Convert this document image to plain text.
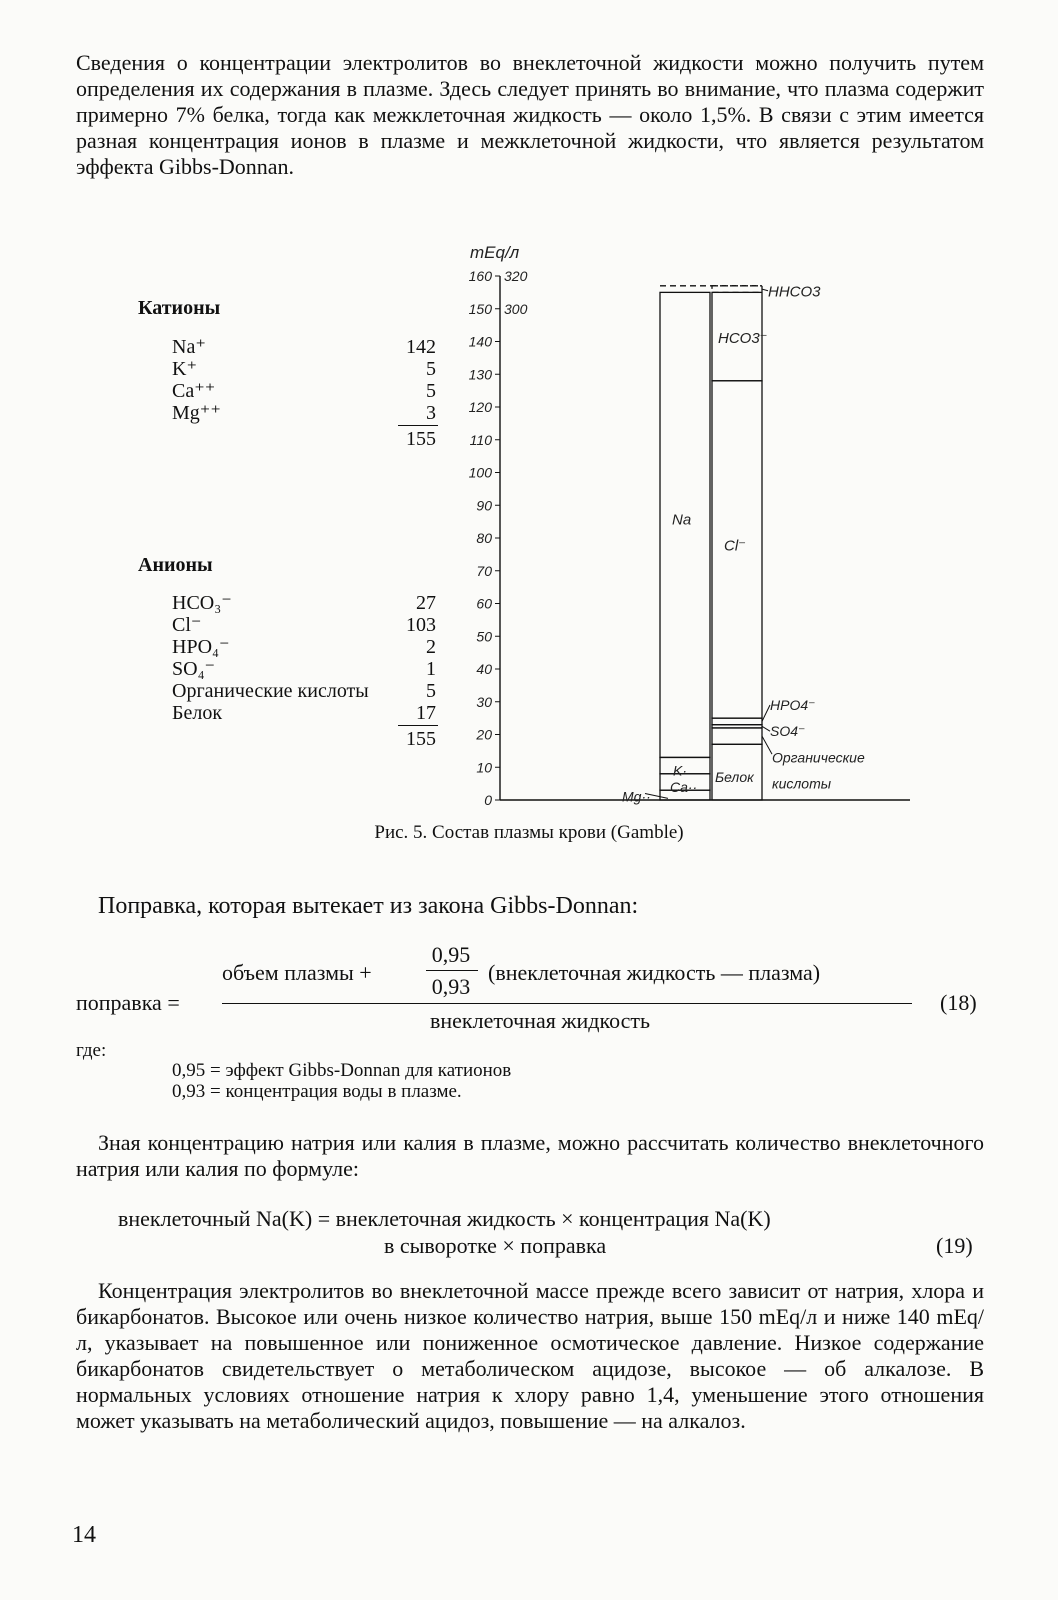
Сведения о концентрации электролитов во внеклеточной жидкости можно получить путем определения их содержания в плазме. Здесь следует принять во внимание, что плазма содержит примерно 7% белка, тогда как межклеточная жидкость — около 1,5%. В связи с этим имеется разная концентрация ионов в плазме и межклеточной жидкости, что является результатом эффекта Gibbs-Donnan.

Катионы
Na⁺	142
K⁺	5
Ca⁺⁺	5
Mg⁺⁺	3
155
Анионы
HCO₃⁻	27
Cl⁻	103
HPO₄⁻	2
SO₄⁻	1
Органические кислоты	5
Белок	17
155
0
10
20
30
40
50
60
70
80
90
100
110
120
130
140
150
160
300
320
mEq/л
HHCO3
HCO3⁻
Na
Cl⁻
HPO4⁻
SO4⁻
Органические
кислоты
K·
Ca··
Mg··
Белок
Рис. 5. Состав плазмы крови (Gamble)
Поправка, которая вытекает из закона Gibbs-Donnan:
объем плазмы +
0,95
0,93
(внеклеточная жидкость — плазма)
поправка =
внеклеточная жидкость
(18)
где:
0,95 = эффект Gibbs-Donnan для катионов
0,93 = концентрация воды в плазме.

Зная концентрацию натрия или калия в плазме, можно рассчитать количество внеклеточного натрия или калия по формуле:

внеклеточный Na(K) = внеклеточная жидкость × концентрация Na(K)
в сыворотке × поправка	(19)

Концентрация электролитов во внеклеточной массе прежде всего зависит от натрия, хлора и бикарбонатов. Высокое или очень низкое количество натрия, выше 150 mEq/л и ниже 140 mEq/л, указывает на повышенное или пониженное осмотическое давление. Низкое содержание бикарбонатов свидетельствует о метаболическом ацидозе, высокое — об алкалозе. В нормальных условиях отношение натрия к хлору равно 1,4, уменьшение этого отношения может указывать на метаболический ацидоз, повышение — на алкалоз.

14
